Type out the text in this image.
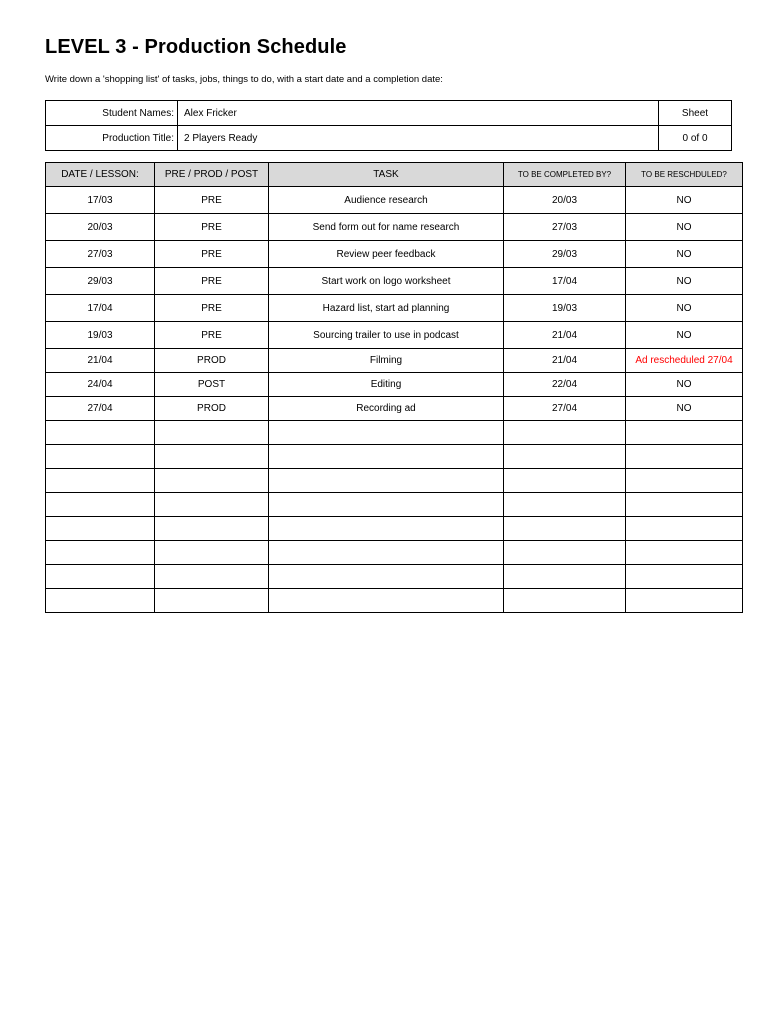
LEVEL 3 - Production Schedule
Write down a 'shopping list' of tasks, jobs, things to do, with a start date and a completion date:
Student Names:	Alex Fricker	Sheet
Production Title:	2 Players Ready	0 of 0
DATE / LESSON:	PRE / PROD / POST	TASK	TO BE COMPLETED BY?	TO BE RESCHDULED?
17/03	PRE	Audience research	20/03	NO
20/03	PRE	Send form out for name research	27/03	NO
27/03	PRE	Review peer feedback	29/03	NO
29/03	PRE	Start work on logo worksheet	17/04	NO
17/04	PRE	Hazard list, start ad planning	19/03	NO
19/03	PRE	Sourcing trailer to use in podcast	21/04	NO
21/04	PROD	Filming	21/04	Ad rescheduled 27/04
24/04	POST	Editing	22/04	NO
27/04	PROD	Recording ad	27/04	NO
